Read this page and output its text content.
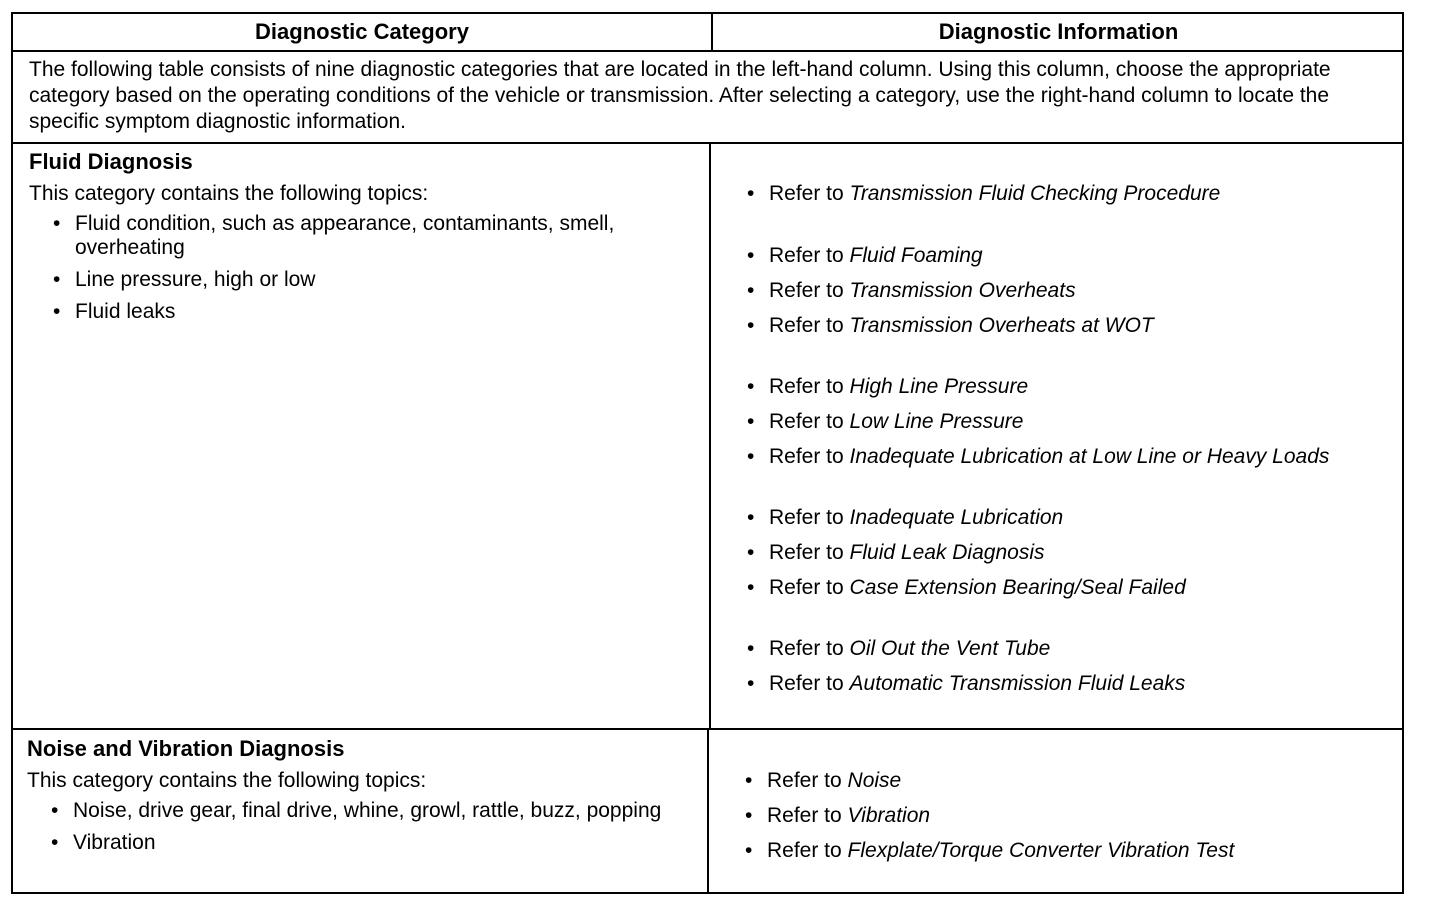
Diagnostic Category	Diagnostic Information
The following table consists of nine diagnostic categories that are located in the left-hand column. Using this column, choose the appropriate category based on the operating conditions of the vehicle or transmission. After selecting a category, use the right-hand column to locate the specific symptom diagnostic information.

Fluid Diagnosis

This category contains the following topics:

• Fluid condition, such as appearance, contaminants, smell, overheating
• Line pressure, high or low
• Fluid leaks
• Refer to Transmission Fluid Checking Procedure
• Refer to Fluid Foaming
• Refer to Transmission Overheats
• Refer to Transmission Overheats at WOT
• Refer to High Line Pressure
• Refer to Low Line Pressure
• Refer to Inadequate Lubrication at Low Line or Heavy Loads
• Refer to Inadequate Lubrication
• Refer to Fluid Leak Diagnosis
• Refer to Case Extension Bearing/Seal Failed
• Refer to Oil Out the Vent Tube
• Refer to Automatic Transmission Fluid Leaks

Noise and Vibration Diagnosis

This category contains the following topics:

• Noise, drive gear, final drive, whine, growl, rattle, buzz, popping
• Vibration
• Refer to Noise
• Refer to Vibration
• Refer to Flexplate/Torque Converter Vibration Test
